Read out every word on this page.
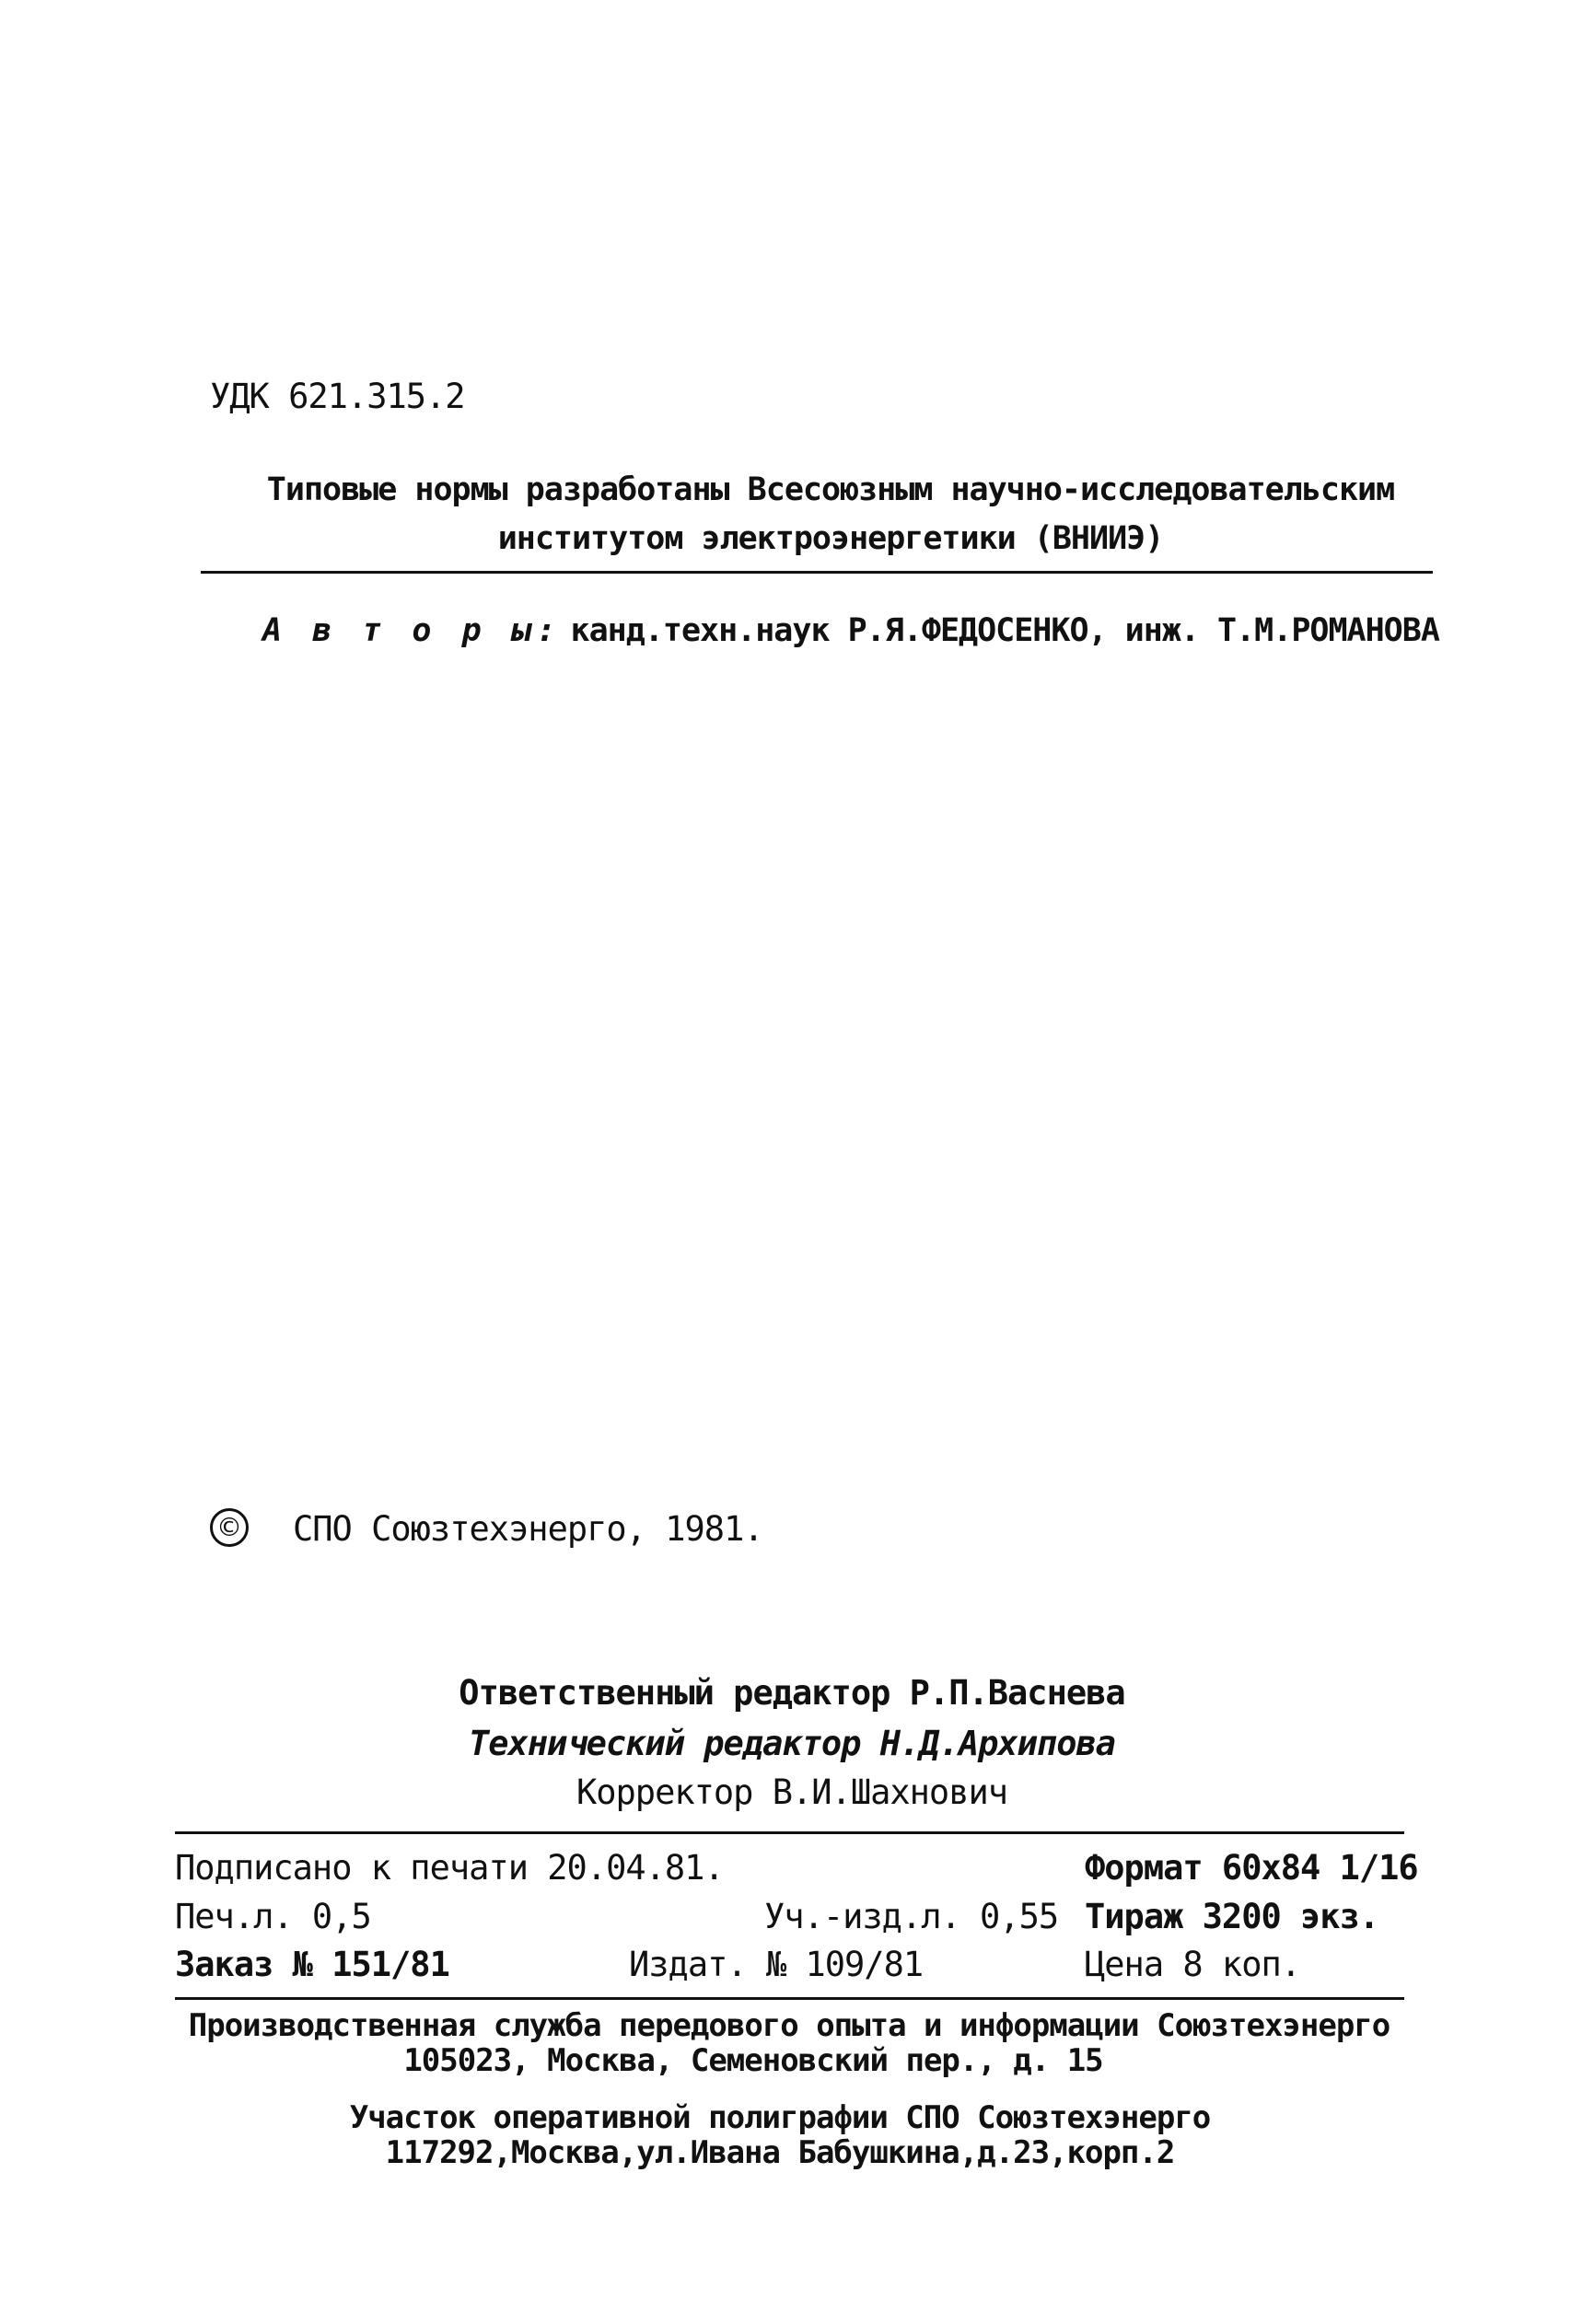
УДК 621.315.2
Типовые нормы разработаны Всесоюзным научно-исследовательским
институтом электроэнергетики (ВНИИЭ)
А в т о р ы: канд.техн.наук Р.Я.ФЕДОСЕНКО, инж. Т.М.РОМАНОВА
© СПО Союзтехэнерго, 1981.
Ответственный редактор Р.П.Васнева
Технический редактор Н.Д.Архипова
Корректор В.И.Шахнович
Подписано к печати 20.04.81.	Формат 60x84 1/16
Печ.л. 0,5	Уч.-изд.л. 0,55 Тираж 3200 экз.
Заказ № 151/81	Издат. № 109/81	Цена 8 коп.
Производственная служба передового опыта и информации Союзтехэнерго
105023, Москва, Семеновский пер., д. 15
Участок оперативной полиграфии СПО Союзтехэнерго
117292,Москва,ул.Ивана Бабушкина,д.23,корп.2
